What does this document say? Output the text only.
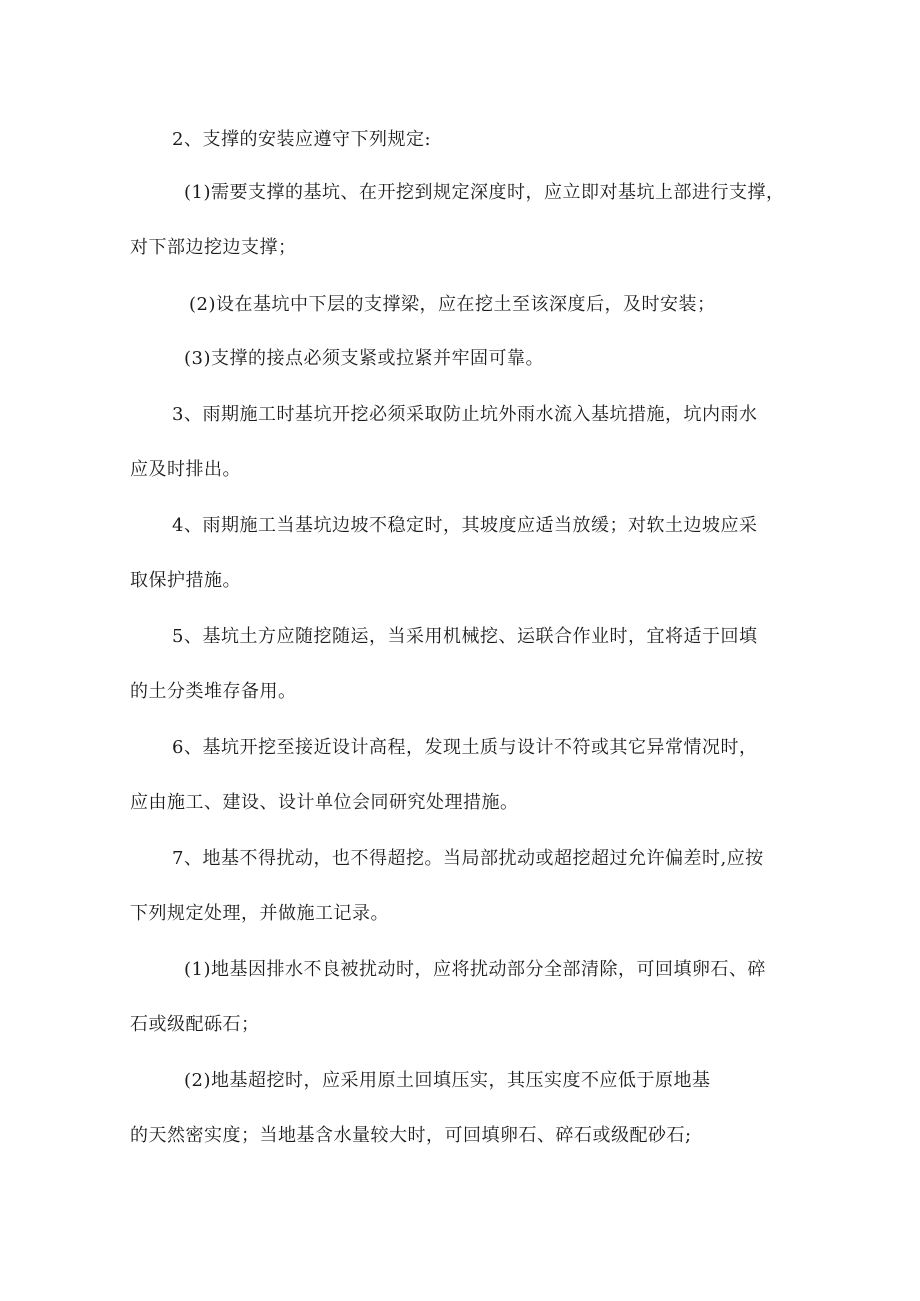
2、支撑的安装应遵守下列规定:
(1)需要支撑的基坑、在开挖到规定深度时，应立即对基坑上部进行支撑，
对下部边挖边支撑；
(2)设在基坑中下层的支撑梁，应在挖土至该深度后，及时安装；
(3)支撑的接点必须支紧或拉紧并牢固可靠。
3、雨期施工时基坑开挖必须采取防止坑外雨水流入基坑措施，坑内雨水
应及时排出。
4、雨期施工当基坑边坡不稳定时，其坡度应适当放缓；对软土边坡应采
取保护措施。
5、基坑土方应随挖随运，当采用机械挖、运联合作业时，宜将适于回填
的土分类堆存备用。
6、基坑开挖至接近设计高程，发现土质与设计不符或其它异常情况时，
应由施工、建设、设计单位会同研究处理措施。
7、地基不得扰动，也不得超挖。当局部扰动或超挖超过允许偏差时,应按
下列规定处理，并做施工记录。
(1)地基因排水不良被扰动时，应将扰动部分全部清除，可回填卵石、碎
石或级配砾石；
(2)地基超挖时，应采用原土回填压实，其压实度不应低于原地基
的天然密实度；当地基含水量较大时，可回填卵石、碎石或级配砂石;
